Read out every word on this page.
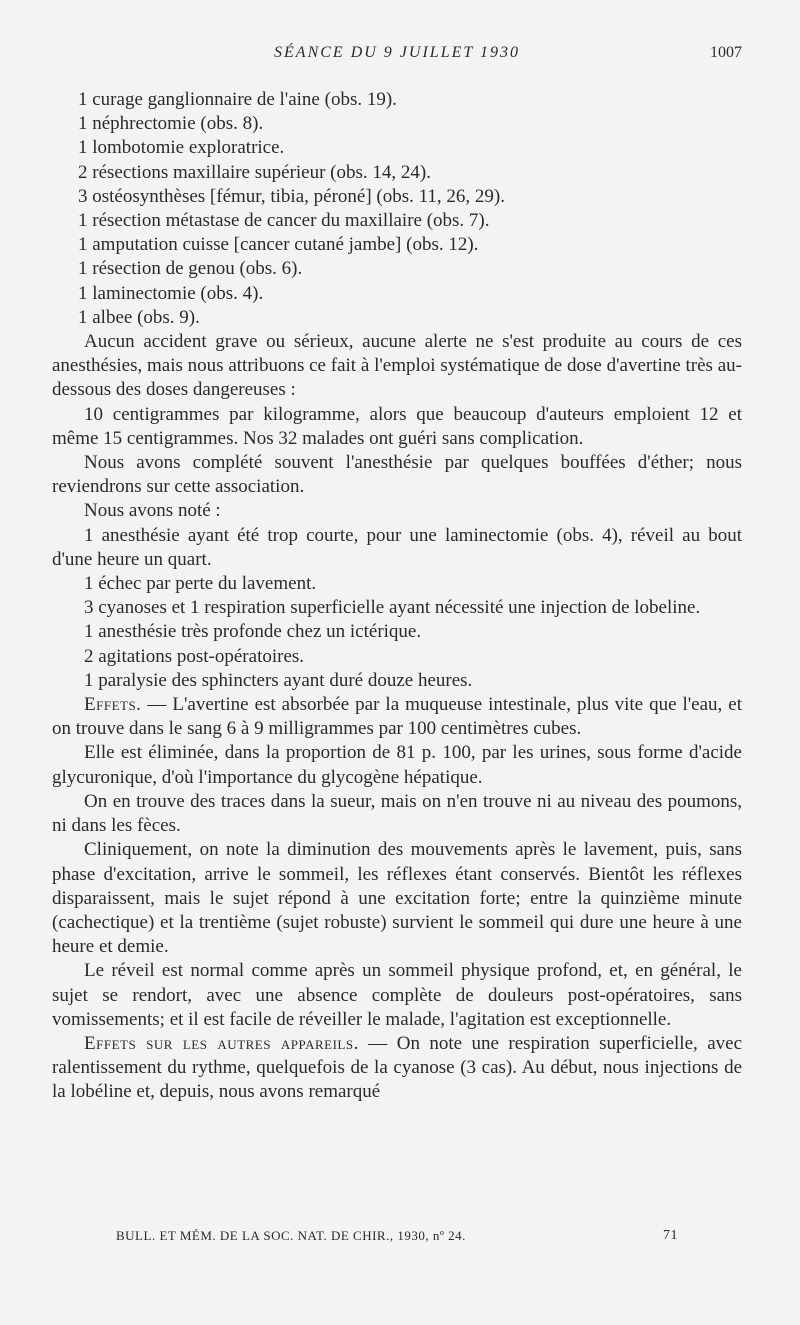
SÉANCE DU 9 JUILLET 1930	1007
1 curage ganglionnaire de l'aine (obs. 19).
1 néphrectomie (obs. 8).
1 lombotomie exploratrice.
2 résections maxillaire supérieur (obs. 14, 24).
3 ostéosynthèses [fémur, tibia, péroné] (obs. 11, 26, 29).
1 résection métastase de cancer du maxillaire (obs. 7).
1 amputation cuisse [cancer cutané jambe] (obs. 12).
1 résection de genou (obs. 6).
1 laminectomie (obs. 4).
1 albee (obs. 9).

Aucun accident grave ou sérieux, aucune alerte ne s'est produite au cours de ces anesthésies, mais nous attribuons ce fait à l'emploi systématique de dose d'avertine très au-dessous des doses dangereuses :

10 centigrammes par kilogramme, alors que beaucoup d'auteurs emploient 12 et même 15 centigrammes. Nos 32 malades ont guéri sans complication.

Nous avons complété souvent l'anesthésie par quelques bouffées d'éther; nous reviendrons sur cette association.

Nous avons noté :

1 anesthésie ayant été trop courte, pour une laminectomie (obs. 4), réveil au bout d'une heure un quart.

1 échec par perte du lavement.

3 cyanoses et 1 respiration superficielle ayant nécessité une injection de lobeline.

1 anesthésie très profonde chez un ictérique.

2 agitations post-opératoires.

1 paralysie des sphincters ayant duré douze heures.

Effets. — L'avertine est absorbée par la muqueuse intestinale, plus vite que l'eau, et on trouve dans le sang 6 à 9 milligrammes par 100 centimètres cubes.

Elle est éliminée, dans la proportion de 81 p. 100, par les urines, sous forme d'acide glycuronique, d'où l'importance du glycogène hépatique.

On en trouve des traces dans la sueur, mais on n'en trouve ni au niveau des poumons, ni dans les fèces.

Cliniquement, on note la diminution des mouvements après le lavement, puis, sans phase d'excitation, arrive le sommeil, les réflexes étant conservés. Bientôt les réflexes disparaissent, mais le sujet répond à une excitation forte; entre la quinzième minute (cachectique) et la trentième (sujet robuste) survient le sommeil qui dure une heure à une heure et demie.

Le réveil est normal comme après un sommeil physique profond, et, en général, le sujet se rendort, avec une absence complète de douleurs post-opératoires, sans vomissements; et il est facile de réveiller le malade, l'agitation est exceptionnelle.

Effets sur les autres appareils. — On note une respiration superficielle, avec ralentissement du rythme, quelquefois de la cyanose (3 cas). Au début, nous injections de la lobéline et, depuis, nous avons remarqué

BULL. ET MÉM. DE LA SOC. NAT. DE CHIR., 1930, nº 24.	71
